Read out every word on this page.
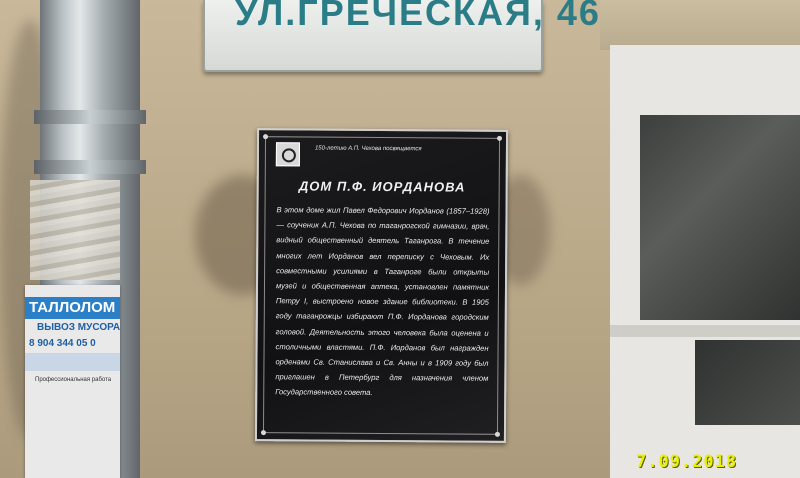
УЛ.ГРЕЧЕСКАЯ, 46
ТАЛЛОЛОМ
ВЫВОЗ МУСОРА
8 904 344 05 0
Профессиональная работа
150-летию А.П. Чехова посвящается
ДОМ П.Ф. ИОРДАНОВА
В этом доме жил Павел Федорович Иорданов (1857–1928) — соученик А.П. Чехова по таганрогской гимназии, врач, видный общественный деятель Таганрога. В течение многих лет Иорданов вел переписку с Чеховым. Их совместными усилиями в Таганроге были открыты музей и общественная аптека, установлен памятник Петру I, выстроено новое здание библиотеки. В 1905 году таганрожцы избирают П.Ф. Иорданова городским головой. Деятельность этого человека была оценена и столичными властями. П.Ф. Иорданов был награжден орденами Св. Станислава и Св. Анны и в 1909 году был приглашен в Петербург для назначения членом Государственного совета.
7.09.2018
